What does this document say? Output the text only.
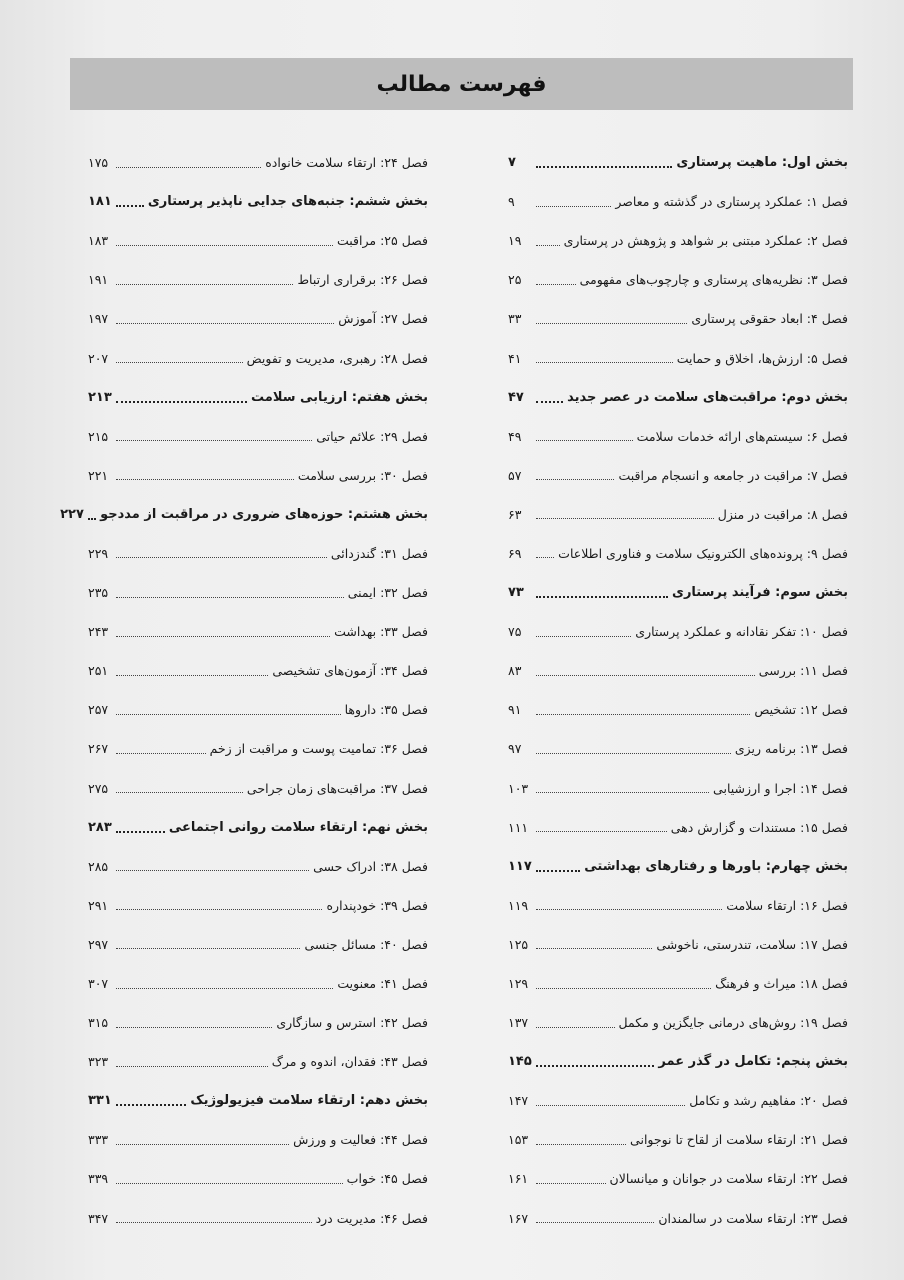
فهرست مطالب
بخش اول: ماهیت پرستاری
۷
فصل ۱: عملکرد پرستاری در گذشته و معاصر
۹
فصل ۲: عملکرد مبتنی بر شواهد و پژوهش در پرستاری
۱۹
فصل ۳: نظریه‌های پرستاری و چارچوب‌های مفهومی
۲۵
فصل ۴: ابعاد حقوقی پرستاری
۳۳
فصل ۵: ارزش‌ها، اخلاق و حمایت
۴۱
بخش دوم: مراقبت‌های سلامت در عصر جدید
۴۷
فصل ۶: سیستم‌های ارائه خدمات سلامت
۴۹
فصل ۷: مراقبت در جامعه و انسجام مراقبت
۵۷
فصل ۸: مراقبت در منزل
۶۳
فصل ۹: پرونده‌های الکترونیک سلامت و فناوری اطلاعات
۶۹
بخش سوم: فرآیند پرستاری
۷۳
فصل ۱۰: تفکر نقادانه و عملکرد پرستاری
۷۵
فصل ۱۱: بررسی
۸۳
فصل ۱۲: تشخیص
۹۱
فصل ۱۳: برنامه ریزی
۹۷
فصل ۱۴: اجرا و ارزشیابی
۱۰۳
فصل ۱۵: مستندات و گزارش دهی
۱۱۱
بخش چهارم: باورها و رفتارهای بهداشتی
۱۱۷
فصل ۱۶: ارتقاء سلامت
۱۱۹
فصل ۱۷: سلامت، تندرستی، ناخوشی
۱۲۵
فصل ۱۸: میراث و فرهنگ
۱۲۹
فصل ۱۹: روش‌های درمانی جایگزین و مکمل
۱۳۷
بخش پنجم: تکامل در گذر عمر
۱۴۵
فصل ۲۰: مفاهیم رشد و تکامل
۱۴۷
فصل ۲۱: ارتقاء سلامت از لقاح تا نوجوانی
۱۵۳
فصل ۲۲: ارتقاء سلامت در جوانان و میانسالان
۱۶۱
فصل ۲۳: ارتقاء سلامت در سالمندان
۱۶۷
فصل ۲۴: ارتقاء سلامت خانواده
۱۷۵
بخش ششم: جنبه‌های جدایی ناپذیر پرستاری
۱۸۱
فصل ۲۵: مراقبت
۱۸۳
فصل ۲۶: برقراری ارتباط
۱۹۱
فصل ۲۷: آموزش
۱۹۷
فصل ۲۸: رهبری، مدیریت و تفویض
۲۰۷
بخش هفتم: ارزیابی سلامت
۲۱۳
فصل ۲۹: علائم حیاتی
۲۱۵
فصل ۳۰: بررسی سلامت
۲۲۱
بخش هشتم: حوزه‌های ضروری در مراقبت از مددجو
۲۲۷
فصل ۳۱: گندزدائی
۲۲۹
فصل ۳۲: ایمنی
۲۳۵
فصل ۳۳: بهداشت
۲۴۳
فصل ۳۴: آزمون‌های تشخیصی
۲۵۱
فصل ۳۵: داروها
۲۵۷
فصل ۳۶: تمامیت پوست و مراقبت از زخم
۲۶۷
فصل ۳۷: مراقبت‌های زمان جراحی
۲۷۵
بخش نهم: ارتقاء سلامت روانی اجتماعی
۲۸۳
فصل ۳۸: ادراک حسی
۲۸۵
فصل ۳۹: خودپنداره
۲۹۱
فصل ۴۰: مسائل جنسی
۲۹۷
فصل ۴۱: معنویت
۳۰۷
فصل ۴۲: استرس و سازگاری
۳۱۵
فصل ۴۳: فقدان، اندوه و مرگ
۳۲۳
بخش دهم: ارتقاء سلامت فیزیولوژیک
۳۳۱
فصل ۴۴: فعالیت و ورزش
۳۳۳
فصل ۴۵: خواب
۳۳۹
فصل ۴۶: مدیریت درد
۳۴۷
